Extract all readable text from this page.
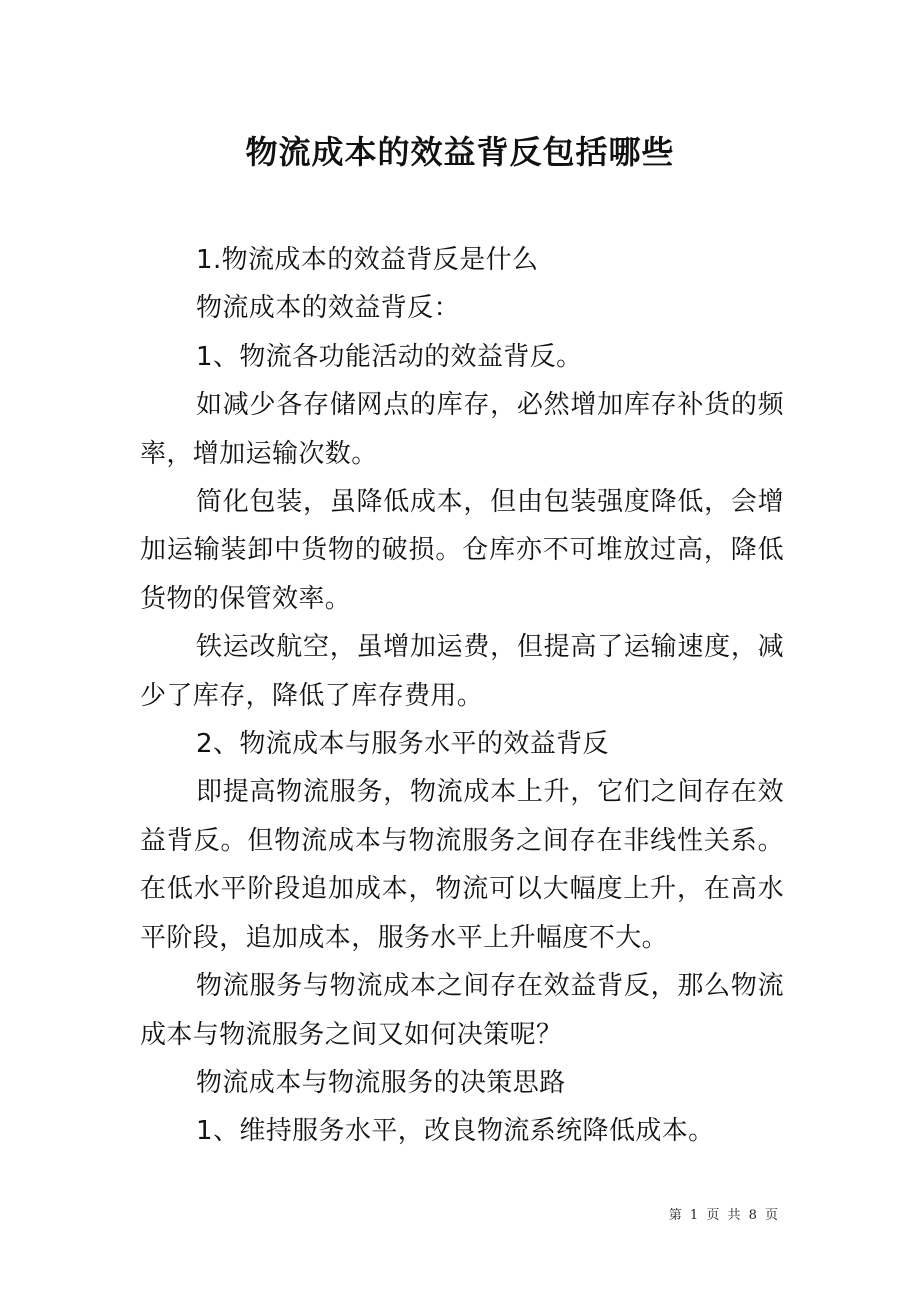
物流成本的效益背反包括哪些

1.物流成本的效益背反是什么

物流成本的效益背反：

1、物流各功能活动的效益背反。

如减少各存储网点的库存，必然增加库存补货的频率，增加运输次数。

简化包装，虽降低成本，但由包装强度降低，会增加运输装卸中货物的破损。仓库亦不可堆放过高，降低货物的保管效率。

铁运改航空，虽增加运费，但提高了运输速度，减少了库存，降低了库存费用。

2、物流成本与服务水平的效益背反

即提高物流服务，物流成本上升，它们之间存在效益背反。但物流成本与物流服务之间存在非线性关系。在低水平阶段追加成本，物流可以大幅度上升，在高水平阶段，追加成本，服务水平上升幅度不大。

物流服务与物流成本之间存在效益背反，那么物流成本与物流服务之间又如何决策呢？

物流成本与物流服务的决策思路

1、维持服务水平，改良物流系统降低成本。

第 1 页 共 8 页
